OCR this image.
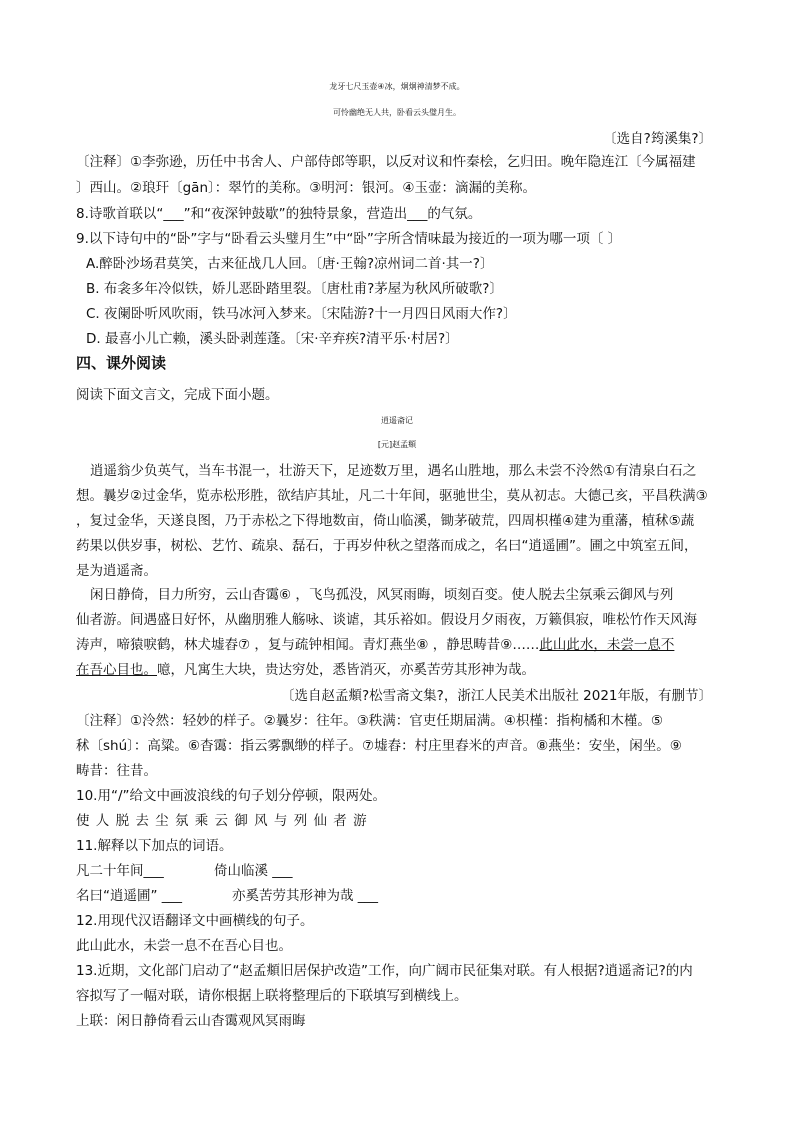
龙牙七尺玉壶④冰，炯炯神清梦不成。
可怜幽绝无人共，卧看云头璧月生。
〔选自?筠溪集?〕
〔注释〕①李弥逊，历任中书舍人、户部侍郎等职，以反对议和忤秦桧，乞归田。晚年隐连江〔今属福建
〕西山。②琅玕〔gān〕：翠竹的美称。③明河：银河。④玉壶：滴漏的美称。
8.诗歌首联以“___”和“夜深钟鼓歇”的独特景象，营造出___的气氛。
9.以下诗句中的“卧”字与“卧看云头璧月生”中“卧”字所含情味最为接近的一项为哪一项〔 〕
A.醉卧沙场君莫笑，古来征战几人回。〔唐·王翰?凉州词二首·其一?〕
B. 布衾多年冷似铁，娇儿恶卧踏里裂。〔唐杜甫?茅屋为秋风所破歌?〕
C. 夜阑卧听风吹雨，铁马冰河入梦来。〔宋陆游?十一月四日风雨大作?〕
D. 最喜小儿亡赖，溪头卧剥莲蓬。〔宋·辛弃疾?清平乐·村居?〕
四、课外阅读
阅读下面文言文，完成下面小题。
逍遥斋记
[元]赵孟頫
逍遥翁少负英气，当车书混一，壮游天下，足迹数万里，遇名山胜地，那么未尝不泠然①有清泉白石之
想。曩岁②过金华，览赤松形胜，欲结庐其址，凡二十年间，驱驰世尘，莫从初志。大德己亥，平昌秩满③
，复过金华，天遂良图，乃于赤松之下得地数亩，倚山临溪，锄茅破荒，四周枳槿④建为重藩，植秫⑤蔬
药果以供岁事，树松、艺竹、疏泉、磊石，于再岁仲秋之望落而成之，名曰“逍遥圃”。圃之中筑室五间，
是为逍遥斋。
闲日静倚，目力所穷，云山杳霭⑥ ，飞鸟孤没，风冥雨晦，顷刻百变。使人脱去尘氛乘云御风与列
仙者游。间遇盛日好怀，从幽朋雅人觞咏、谈谑，其乐裕如。假设月夕雨夜，万籁俱寂，唯松竹作天风海
涛声，啼猿唳鹤，林犬墟舂⑦ ，复与疏钟相闻。青灯燕坐⑧ ，静思畴昔⑨……此山此水，未尝一息不
在吾心目也。噫，凡寓生大块，贵达穷处，悉皆消灭，亦奚苦劳其形神为哉。
〔选自赵孟頫?松雪斋文集?，浙江人民美术出版社 2021年版，有删节〕
〔注释〕①泠然：轻妙的样子。②曩岁：往年。③秩满：官吏任期届满。④枳槿：指枸橘和木槿。⑤
秫〔shú〕：高粱。⑥杳霭：指云雾飘缈的样子。⑦墟舂：村庄里舂米的声音。⑧燕坐：安坐，闲坐。⑨
畴昔：往昔。
10.用“/”给文中画波浪线的句子划分停顿，限两处。
使 人 脱 去 尘 氛 乘 云 御 风 与 列 仙 者 游
11.解释以下加点的词语。
凡二十年间___	倚山临溪 ___
名曰“逍遥圃” ___	亦奚苦劳其形神为哉 ___
12.用现代汉语翻译文中画横线的句子。
此山此水，未尝一息不在吾心目也。
13.近期，文化部门启动了“赵孟頫旧居保护改造”工作，向广阔市民征集对联。有人根据?逍遥斋记?的内
容拟写了一幅对联，请你根据上联将整理后的下联填写到横线上。
上联：闲日静倚看云山杳霭观风冥雨晦
